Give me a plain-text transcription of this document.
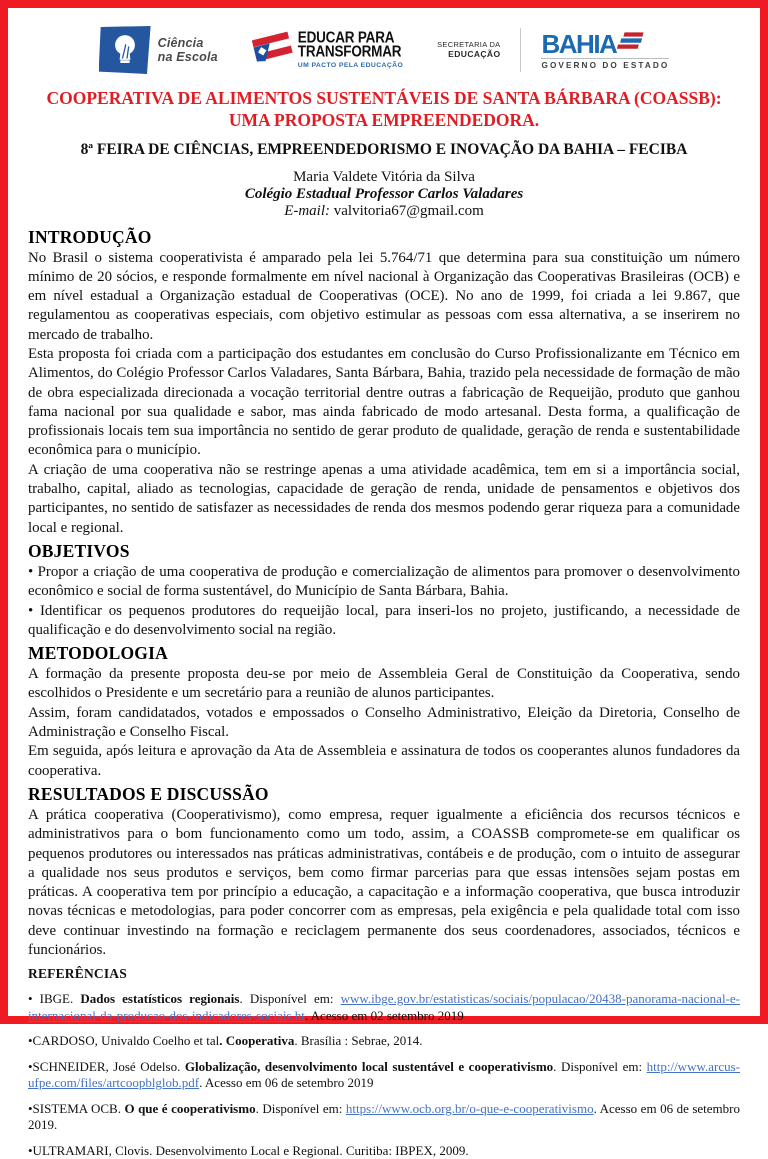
Ciência
na Escola
EDUCAR PARA
TRANSFORMAR
UM PACTO PELA EDUCAÇÃO
SECRETARIA DA
EDUCAÇÃO BAHIA
GOVERNO DO ESTADO
COOPERATIVA DE ALIMENTOS SUSTENTÁVEIS DE SANTA BÁRBARA (COASSB):
UMA PROPOSTA EMPREENDEDORA.
8ª FEIRA DE CIÊNCIAS, EMPREENDEDORISMO E INOVAÇÃO DA BAHIA – FECIBA
Maria Valdete Vitória da Silva
Colégio Estadual Professor Carlos Valadares
E-mail: valvitoria67@gmail.com
INTRODUÇÃO

No Brasil o sistema cooperativista é amparado pela lei 5.764/71 que determina para sua constituição um número mínimo de 20 sócios, e responde formalmente em nível nacional à Organização das Cooperativas Brasileiras (OCB) e em nível estadual a Organização estadual de Cooperativas (OCE). No ano de 1999, foi criada a lei 9.867, que regulamentou as cooperativas especiais, com objetivo estimular as pessoas com essa alternativa, a se inserirem no mercado de trabalho.

Esta proposta foi criada com a participação dos estudantes em conclusão do Curso Profissionalizante em Técnico em Alimentos, do Colégio Professor Carlos Valadares, Santa Bárbara, Bahia, trazido pela necessidade de formação de mão de obra especializada direcionada a vocação territorial dentre outras a fabricação de Requeijão, produto que ganhou fama nacional por sua qualidade e sabor, mas ainda fabricado de modo artesanal. Desta forma, a qualificação de profissionais locais tem sua importância no sentido de gerar produto de qualidade, geração de renda e sustentabilidade econômica para o município.

A criação de uma cooperativa não se restringe apenas a uma atividade acadêmica, tem em si a importância social, trabalho, capital, aliado as tecnologias, capacidade de geração de renda, unidade de pensamentos e objetivos dos participantes, no sentido de satisfazer as necessidades de renda dos mesmos podendo gerar riqueza para a comunidade local e regional.

OBJETIVOS

• Propor a criação de uma cooperativa de produção e comercialização de alimentos para promover o desenvolvimento econômico e social de forma sustentável, do Município de Santa Bárbara, Bahia.

• Identificar os pequenos produtores do requeijão local, para inseri-los no projeto, justificando, a necessidade de qualificação e do desenvolvimento social na região.

METODOLOGIA

A formação da presente proposta deu-se por meio de Assembleia Geral de Constituição da Cooperativa, sendo escolhidos o Presidente e um secretário para a reunião de alunos participantes.

Assim, foram candidatados, votados e empossados o Conselho Administrativo, Eleição da Diretoria, Conselho de Administração e Conselho Fiscal.

Em seguida, após leitura e aprovação da Ata de Assembleia e assinatura de todos os cooperantes alunos fundadores da cooperativa.

RESULTADOS E DISCUSSÃO

A prática cooperativa (Cooperativismo), como empresa, requer igualmente a eficiência dos recursos técnicos e administrativos para o bom funcionamento como um todo, assim, a COASSB compromete-se em qualificar os pequenos produtores ou interessados nas práticas administrativas, contábeis e de produção, com o intuito de assegurar a qualidade nos seus produtos e serviços, bem como firmar parcerias para que essas intensões sejam postas em práticas. A cooperativa tem por princípio a educação, a capacitação e a informação cooperativa, que busca introduzir novas técnicas e metodologias, para poder concorrer com as empresas, pela exigência e pela qualidade total com isso deve continuar investindo na formação e reciclagem permanente dos seus coordenadores, associados, técnicos e funcionários.

REFERÊNCIAS

• IBGE. Dados estatísticos regionais. Disponível em: www.ibge.gov.br/estatisticas/sociais/populacao/20438-panorama-nacional-e-internacional-da-producao-dos-indicadores-sociais.ht. Acesso em 02 setembro 2019

•CARDOSO, Univaldo Coelho et tal. Cooperativa. Brasília : Sebrae, 2014.

•SCHNEIDER, José Odelso. Globalização, desenvolvimento local sustentável e cooperativismo. Disponível em: http://www.arcus-ufpe.com/files/artcoopblglob.pdf. Acesso em 06 de setembro 2019

•SISTEMA OCB. O que é cooperativismo. Disponível em: https://www.ocb.org.br/o-que-e-cooperativismo. Acesso em 06 de setembro 2019.

•ULTRAMARI, Clovis. Desenvolvimento Local e Regional. Curitiba: IBPEX, 2009.
